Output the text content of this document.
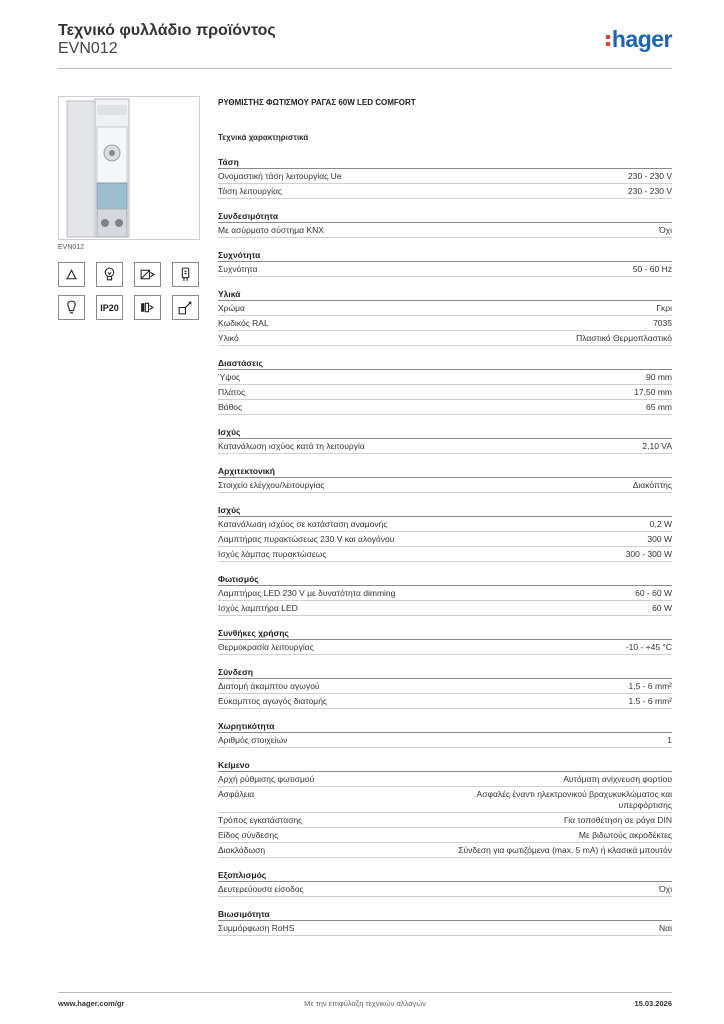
Τεχνικό φυλλάδιο προϊόντος
EVN012	hager
EVN012
IP20
ΡΥΘΜΙΣΤΗΣ ΦΩΤΙΣΜΟΥ ΡΑΓΑΣ 60W LED COMFORT
Τεχνικά χαρακτηριστικά
Τάση
Ονομαστική τάση λειτουργίας Ue	230 - 230 V
Τάση λειτουργίας	230 - 230 V
Συνδεσιμότητα
Με ασύρματο σύστημα KNX	Όχι
Συχνότητα
Συχνότητα	50 - 60 Hz
Υλικά
Χρώμα	Γκρι
Κωδικός RAL	7035
Υλικό	Πλαστικό Θερμοπλαστικό
Διαστάσεις
Ύψος	90 mm
Πλάτος	17,50 mm
Βάθος	65 mm
Ισχύς
Κατανάλωση ισχύος κατά τη λειτουργία	2,10 VA
Αρχιτεκτονική
Στοιχείο ελέγχου/λειτουργίας	Διακόπτης
Ισχύς
Κατανάλωση ισχύος σε κατάσταση αναμονής	0,2 W
Λαμπτήρας πυρακτώσεως 230 V και αλογόνου	300 W
Ισχύς λάμπας πυρακτώσεως	300 - 300 W
Φωτισμός
Λαμπτήρας LED 230 V με δυνατότητα dimming	60 - 60 W
Ισχύς λαμπτήρα LED	60 W
Συνθήκες χρήσης
Θερμοκρασία λειτουργίας	-10 - +45 °C
Σύνδεση
Διατομή άκαμπτου αγωγού	1.5 - 6 mm²
Εύκαμπτος αγωγός διατομής	1.5 - 6 mm²
Χωρητικότητα
Αριθμός στοιχείων	1
Κείμενο
Αρχή ρύθμισης φωτισμού	Αυτόματη ανίχνευση φορτίου
Ασφάλεια	Ασφαλές έναντι ηλεκτρονικού βραχυκυκλώματος και υπερφόρτισης
Τρόπος εγκατάστασης	Για τοποθέτηση σε ράγα DIN
Είδος σύνδεσης	Με βιδωτούς ακροδέκτες
Διακλάδωση	Σύνδεση για φωτιζόμενα (max. 5 mA) ή κλασικά μπουτόν
Εξοπλισμός
Δευτερεύουσα είσοδος	Όχι
Βιωσιμότητα
Συμμόρφωση RoHS	Ναι
Με την επιφύλαξη τεχνικών αλλαγών
www.hager.com/gr	15.03.2026
